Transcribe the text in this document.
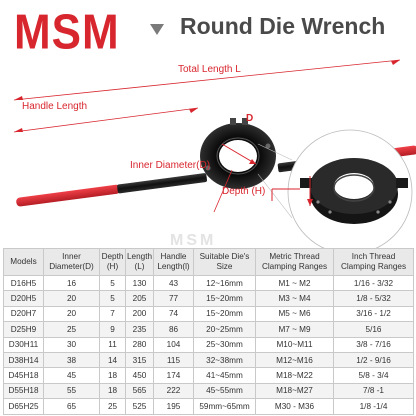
MSM	Round Die Wrench
Total Length L
Handle Length
D
Inner Diameter(D)
Depth (H)
MSM
Models	Inner Diameter(D)	Depth (H)	Length (L)	Handle Length(l)	Suitable Die's Size	Metric Thread Clamping Ranges	Inch Thread Clamping Ranges
D16H5	16	5	130	43	12~16mm	M1 ~ M2	1/16 - 3/32
D20H5	20	5	205	77	15~20mm	M3 ~ M4	1/8 - 5/32
D20H7	20	7	200	74	15~20mm	M5 ~ M6	3/16 - 1/2
D25H9	25	9	235	86	20~25mm	M7 ~ M9	5/16
D30H11	30	11	280	104	25~30mm	M10~M11	3/8 - 7/16
D38H14	38	14	315	115	32~38mm	M12~M16	1/2 - 9/16
D45H18	45	18	450	174	41~45mm	M18~M22	5/8 - 3/4
D55H18	55	18	565	222	45~55mm	M18~M27	7/8 -1
D65H25	65	25	525	195	59mm~65mm	M30 - M36	1/8 -1/4
